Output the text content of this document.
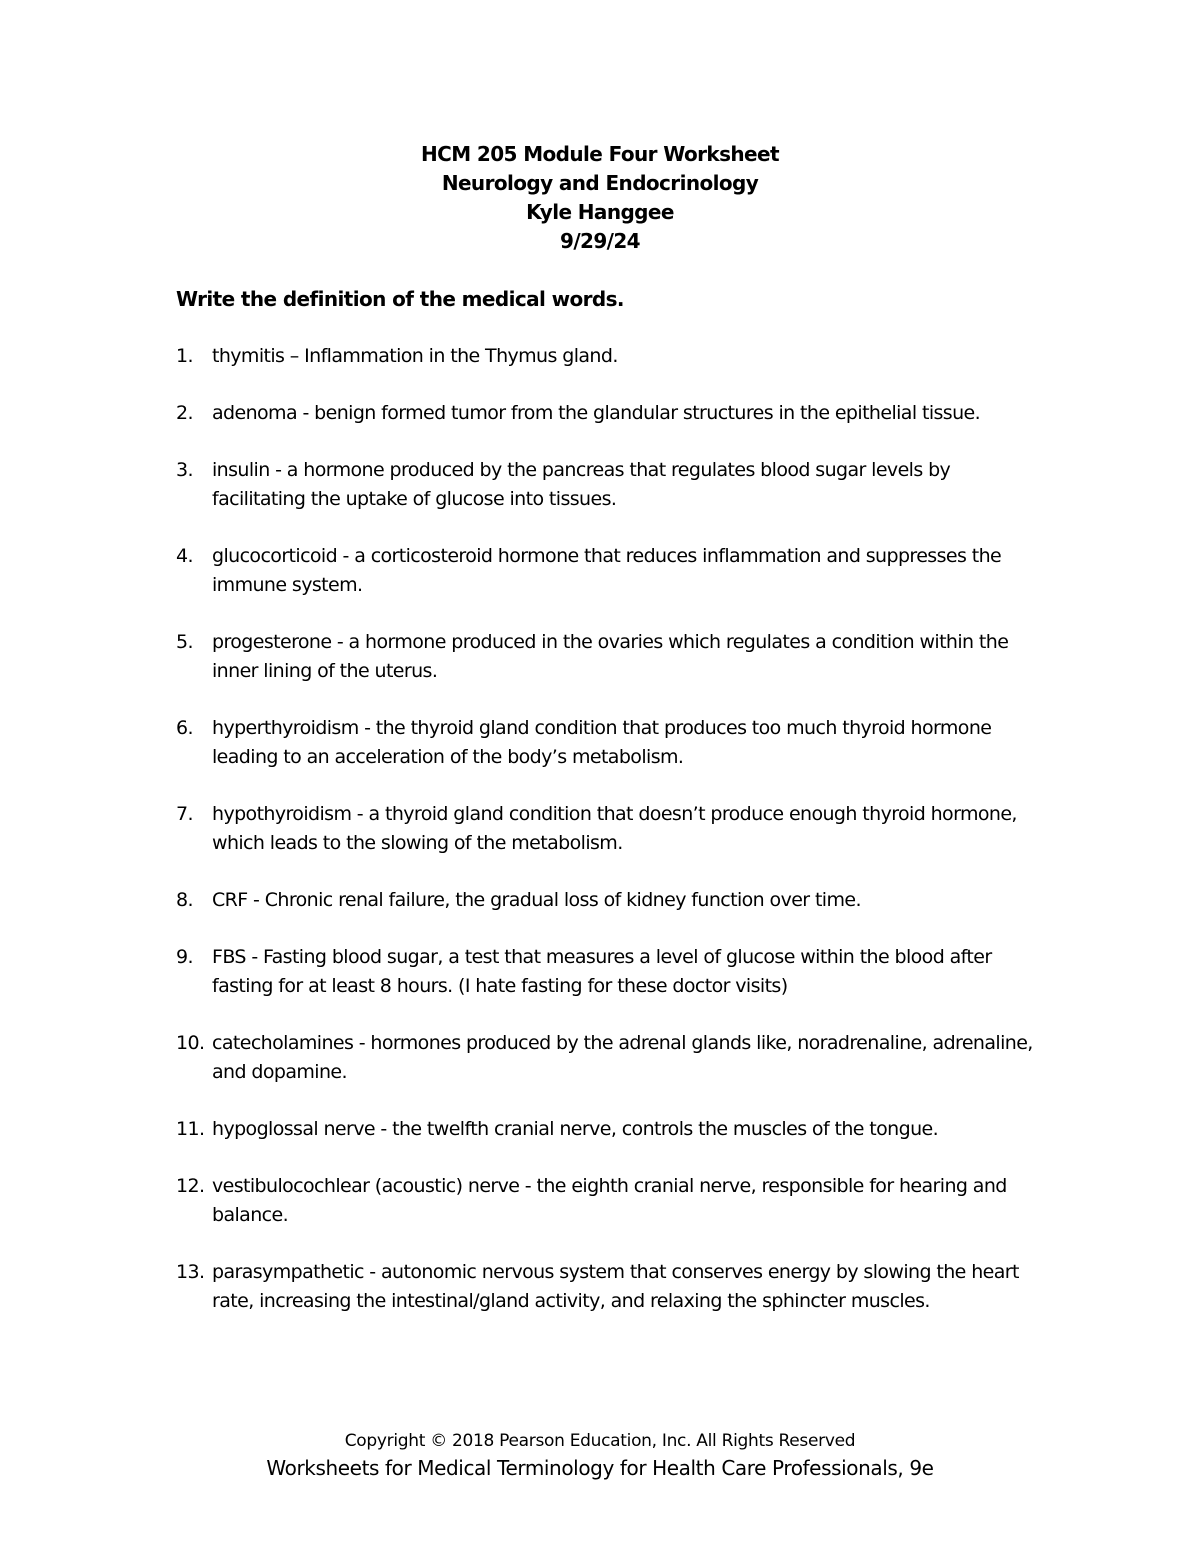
HCM 205 Module Four Worksheet
Neurology and Endocrinology
Kyle Hanggee
9/29/24
Write the definition of the medical words.
1.	thymitis – Inflammation in the Thymus gland.
2.	adenoma - benign formed tumor from the glandular structures in the epithelial tissue.
3.	insulin - a hormone produced by the pancreas that regulates blood sugar levels by facilitating the uptake of glucose into tissues.
4.	glucocorticoid - a corticosteroid hormone that reduces inflammation and suppresses the immune system.
5.	progesterone - a hormone produced in the ovaries which regulates a condition within the inner lining of the uterus.
6.	hyperthyroidism - the thyroid gland condition that produces too much thyroid hormone leading to an acceleration of the body’s metabolism.
7.	hypothyroidism - a thyroid gland condition that doesn’t produce enough thyroid hormone, which leads to the slowing of the metabolism.
8.	CRF - Chronic renal failure, the gradual loss of kidney function over time.
9.	FBS - Fasting blood sugar, a test that measures a level of glucose within the blood after fasting for at least 8 hours. (I hate fasting for these doctor visits)
10. catecholamines - hormones produced by the adrenal glands like, noradrenaline, adrenaline, and dopamine.
11. hypoglossal nerve - the twelfth cranial nerve, controls the muscles of the tongue.
12. vestibulocochlear (acoustic) nerve - the eighth cranial nerve, responsible for hearing and balance.
13. parasympathetic - autonomic nervous system that conserves energy by slowing the heart rate, increasing the intestinal/gland activity, and relaxing the sphincter muscles.
Copyright © 2018 Pearson Education, Inc. All Rights Reserved
Worksheets for Medical Terminology for Health Care Professionals, 9e
